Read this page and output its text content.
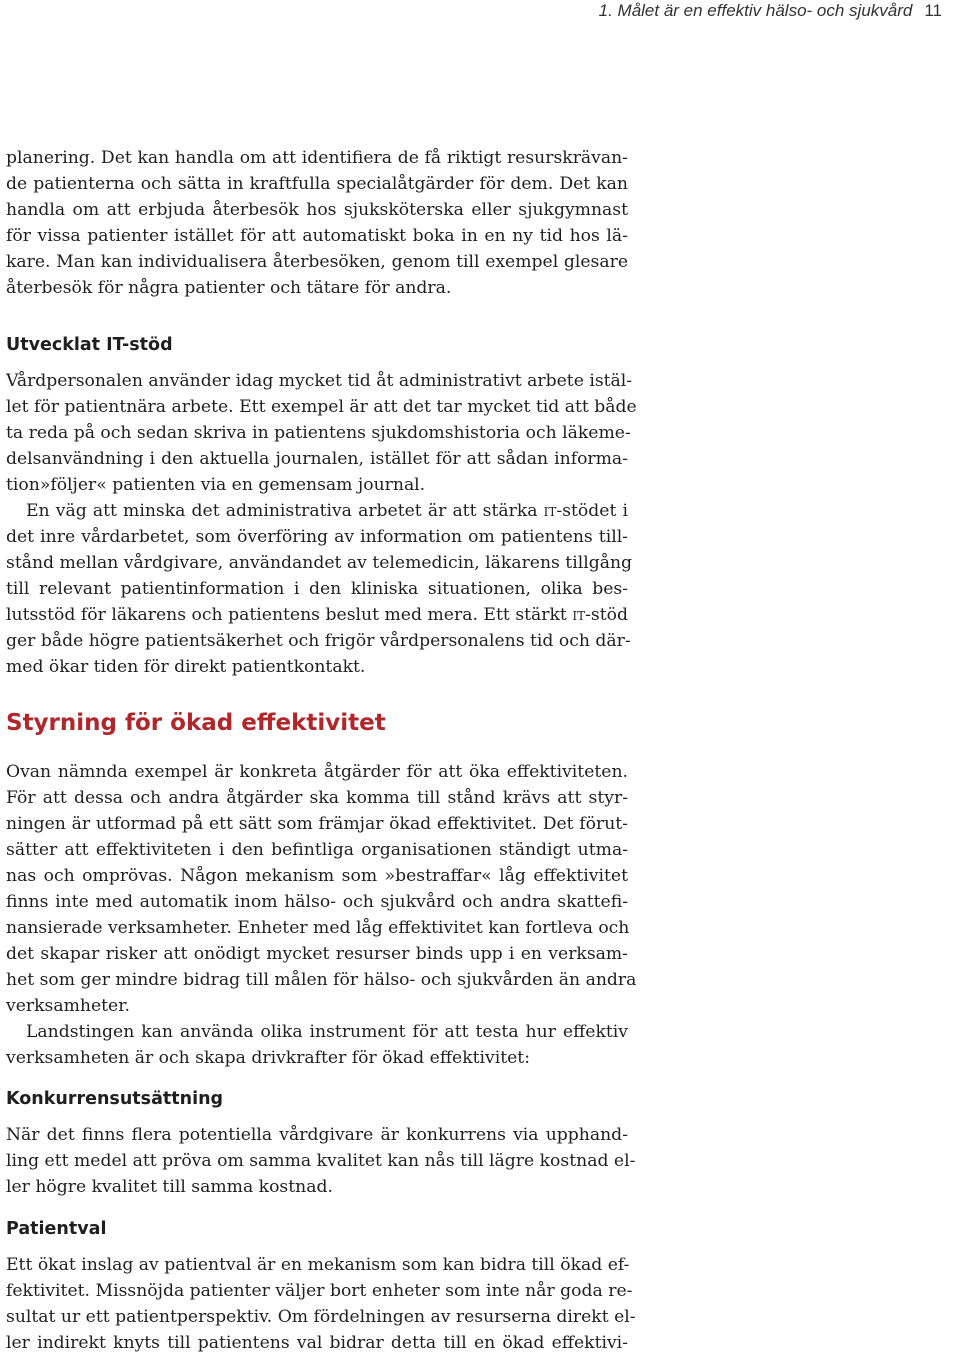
1. Målet är en effektiv hälso- och sjukvård 11

planering. Det kan handla om att identifiera de få riktigt resurskrävan-
de patienterna och sätta in kraftfulla specialåtgärder för dem. Det kan
handla om att erbjuda återbesök hos sjuksköterska eller sjukgymnast
för vissa patienter istället för att automatiskt boka in en ny tid hos lä-
kare. Man kan individualisera återbesöken, genom till exempel glesare
återbesök för några patienter och tätare för andra.

Utvecklat IT-stöd

Vårdpersonalen använder idag mycket tid åt administrativt arbete istäl-
let för patientnära arbete. Ett exempel är att det tar mycket tid att både
ta reda på och sedan skriva in patientens sjukdomshistoria och läkeme-
delsanvändning i den aktuella journalen, istället för att sådan informa-
tion»följer« patienten via en gemensam journal.

En väg att minska det administrativa arbetet är att stärka it-stödet i
det inre vårdarbetet, som överföring av information om patientens till-
stånd mellan vårdgivare, användandet av telemedicin, läkarens tillgång
till relevant patientinformation i den kliniska situationen, olika bes-
lutsstöd för läkarens och patientens beslut med mera. Ett stärkt it-stöd
ger både högre patientsäkerhet och frigör vårdpersonalens tid och där-
med ökar tiden för direkt patientkontakt.

Styrning för ökad effektivitet

Ovan nämnda exempel är konkreta åtgärder för att öka effektiviteten.
För att dessa och andra åtgärder ska komma till stånd krävs att styr-
ningen är utformad på ett sätt som främjar ökad effektivitet. Det förut-
sätter att effektiviteten i den befintliga organisationen ständigt utma-
nas och omprövas. Någon mekanism som »bestraffar« låg effektivitet
finns inte med automatik inom hälso- och sjukvård och andra skattefi-
nansierade verksamheter. Enheter med låg effektivitet kan fortleva och
det skapar risker att onödigt mycket resurser binds upp i en verksam-
het som ger mindre bidrag till målen för hälso- och sjukvården än andra
verksamheter.

Landstingen kan använda olika instrument för att testa hur effektiv
verksamheten är och skapa drivkrafter för ökad effektivitet:

Konkurrensutsättning

När det finns flera potentiella vårdgivare är konkurrens via upphand-
ling ett medel att pröva om samma kvalitet kan nås till lägre kostnad el-
ler högre kvalitet till samma kostnad.

Patientval

Ett ökat inslag av patientval är en mekanism som kan bidra till ökad ef-
fektivitet. Missnöjda patienter väljer bort enheter som inte når goda re-
sultat ur ett patientperspektiv. Om fördelningen av resurserna direkt el-
ler indirekt knyts till patientens val bidrar detta till en ökad effektivi-
